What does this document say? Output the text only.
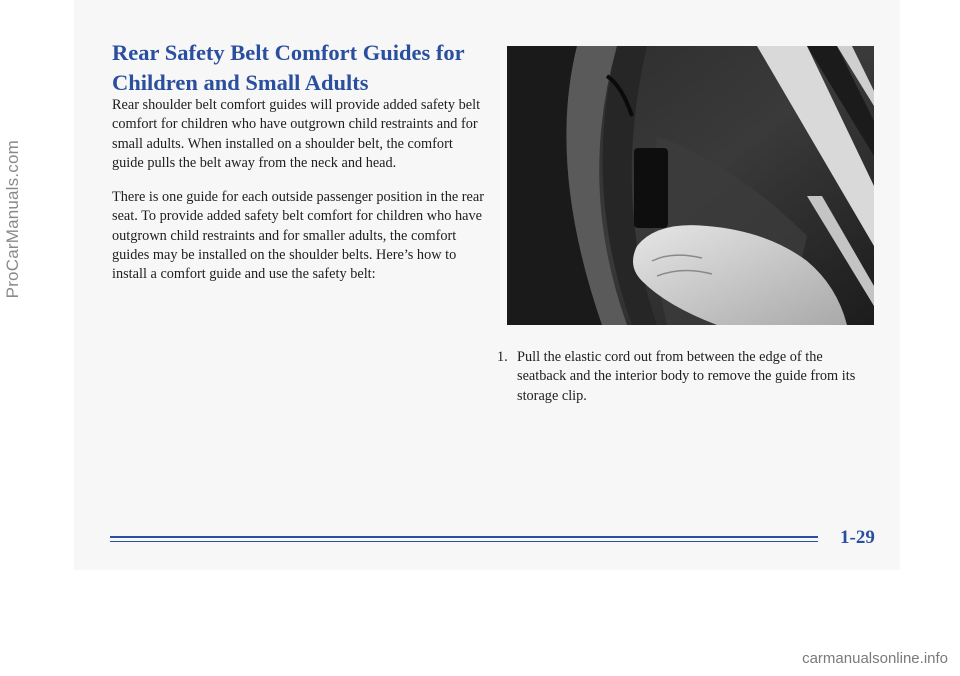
ProCarManuals.com
Rear Safety Belt Comfort Guides for
Children and Small Adults

Rear shoulder belt comfort guides will provide added safety belt comfort for children who have outgrown child restraints and for small adults. When installed on a shoulder belt, the comfort guide pulls the belt away from the neck and head.

There is one guide for each outside passenger position in the rear seat. To provide added safety belt comfort for children who have outgrown child restraints and for smaller adults, the comfort guides may be installed on the shoulder belts. Here’s how to install a comfort guide and use the safety belt:

1. Pull the elastic cord out from between the edge of the seatback and the interior body to remove the guide from its storage clip.
1-29
carmanualsonline.info
